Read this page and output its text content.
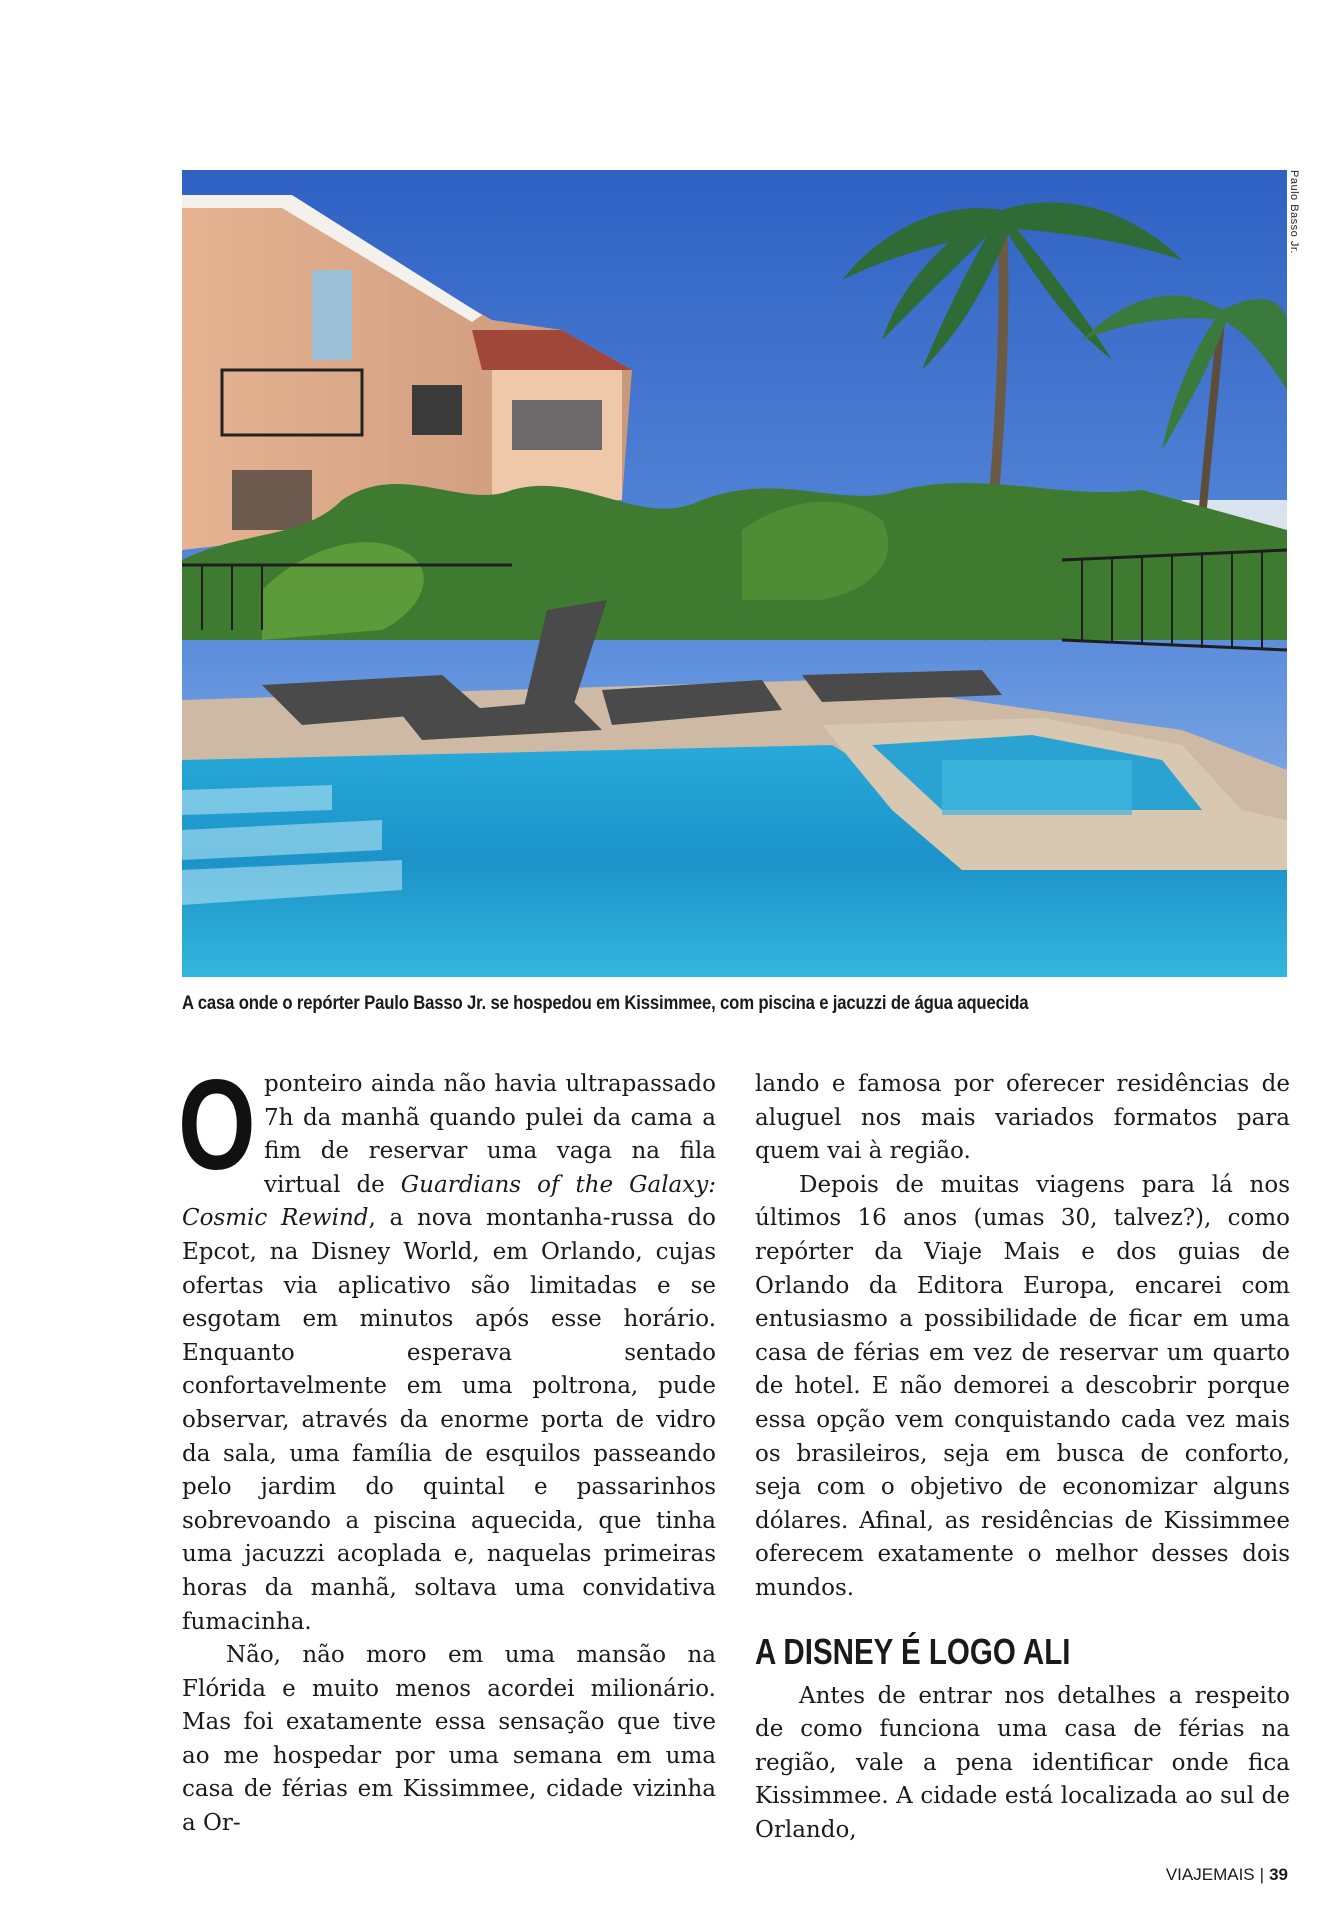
Paulo Basso Jr.
A casa onde o repórter Paulo Basso Jr. se hospedou em Kissimmee, com piscina e jacuzzi de água aquecida

Oponteiro ainda não havia ultrapassado 7h da manhã quando pulei da cama a fim de reservar uma vaga na fila virtual de Guardians of the Galaxy: Cosmic Rewind, a nova montanha-russa do Epcot, na Disney World, em Orlando, cujas ofertas via aplicativo são limitadas e se esgotam em minutos após esse horário. Enquanto esperava sentado confortavelmente em uma poltrona, pude observar, através da enorme porta de vidro da sala, uma família de esquilos passeando pelo jardim do quintal e passarinhos sobrevoando a piscina aquecida, que tinha uma jacuzzi acoplada e, naquelas primeiras horas da manhã, soltava uma convidativa fumacinha.

Não, não moro em uma mansão na Flórida e muito menos acordei milionário. Mas foi exatamente essa sensação que tive ao me hospedar por uma semana em uma casa de férias em Kissimmee, cidade vizinha a Or-

lando e famosa por oferecer residências de aluguel nos mais variados formatos para quem vai à região.

Depois de muitas viagens para lá nos últimos 16 anos (umas 30, talvez?), como repórter da Viaje Mais e dos guias de Orlando da Editora Europa, encarei com entusiasmo a possibilidade de ficar em uma casa de férias em vez de reservar um quarto de hotel. E não demorei a descobrir porque essa opção vem conquistando cada vez mais os brasileiros, seja em busca de conforto, seja com o objetivo de economizar alguns dólares. Afinal, as residências de Kissimmee oferecem exatamente o melhor desses dois mundos.

A DISNEY É LOGO ALI

Antes de entrar nos detalhes a respeito de como funciona uma casa de férias na região, vale a pena identificar onde fica Kissimmee. A cidade está localizada ao sul de Orlando,

VIAJEMAIS | 39
